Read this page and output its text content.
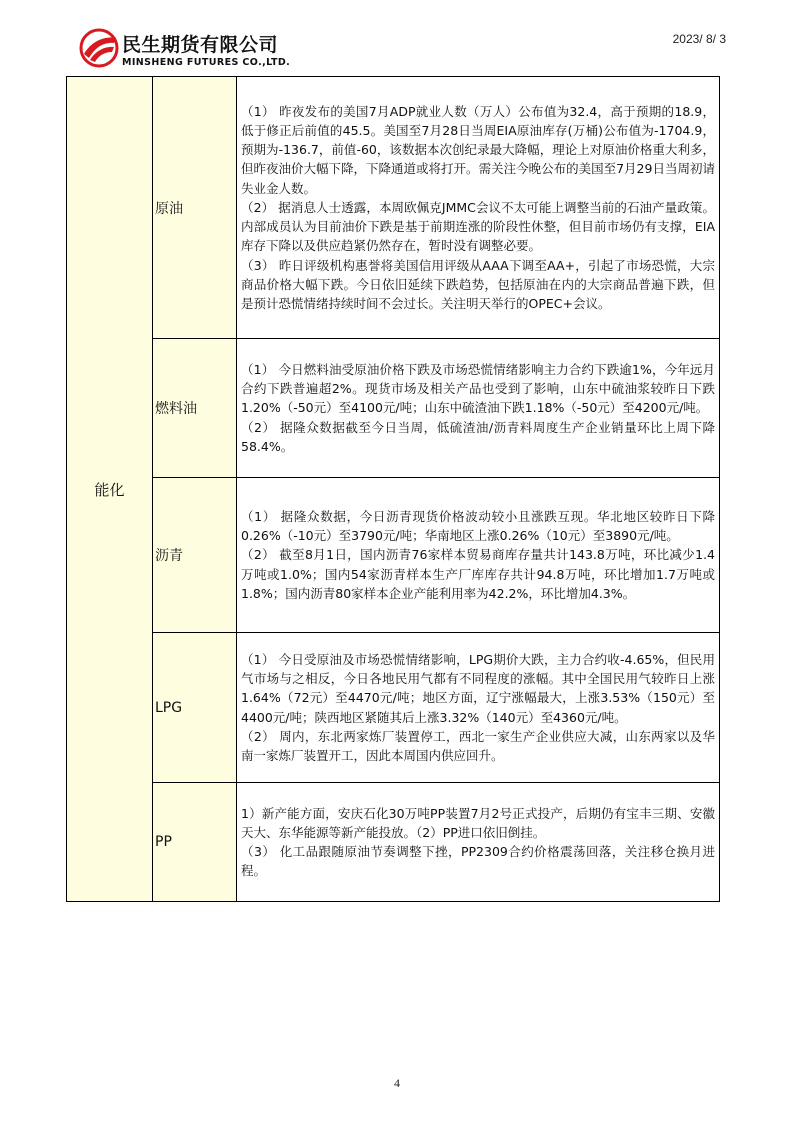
民生期货有限公司
MINSHENG FUTURES CO.,LTD.
2023/ 8/ 3
能化	原油	（1） 昨夜发布的美国7月ADP就业人数（万人）公布值为32.4，高于预期的18.9，低于修正后前值的45.5。美国至7月28日当周EIA原油库存(万桶)公布值为-1704.9，预期为-136.7，前值-60，该数据本次创纪录最大降幅，理论上对原油价格重大利多，但昨夜油价大幅下降，下降通道或将打开。需关注今晚公布的美国至7月29日当周初请失业金人数。

（2） 据消息人士透露，本周欧佩克JMMC会议不太可能上调整当前的石油产量政策。内部成员认为目前油价下跌是基于前期连涨的阶段性休整，但目前市场仍有支撑，EIA库存下降以及供应趋紧仍然存在，暂时没有调整必要。

（3） 昨日评级机构惠誉将美国信用评级从AAA下调至AA+，引起了市场恐慌，大宗商品价格大幅下跌。今日依旧延续下跌趋势，包括原油在内的大宗商品普遍下跌，但是预计恐慌情绪持续时间不会过长。关注明天举行的OPEC+会议。

	燃料油	（1） 今日燃料油受原油价格下跌及市场恐慌情绪影响主力合约下跌逾1%，今年远月合约下跌普遍超2%。现货市场及相关产品也受到了影响，山东中硫油浆较昨日下跌1.20%（-50元）至4100元/吨；山东中硫渣油下跌1.18%（-50元）至4200元/吨。

（2） 据隆众数据截至今日当周，低硫渣油/沥青料周度生产企业销量环比上周下降58.4%。

	沥青	（1） 据隆众数据，今日沥青现货价格波动较小且涨跌互现。华北地区较昨日下降0.26%（-10元）至3790元/吨；华南地区上涨0.26%（10元）至3890元/吨。

（2） 截至8月1日，国内沥青76家样本贸易商库存量共计143.8万吨，环比减少1.4万吨或1.0%；国内54家沥青样本生产厂库库存共计94.8万吨，环比增加1.7万吨或1.8%；国内沥青80家样本企业产能利用率为42.2%，环比增加4.3%。

	LPG	（1） 今日受原油及市场恐慌情绪影响，LPG期价大跌，主力合约收-4.65%，但民用气市场与之相反，今日各地民用气都有不同程度的涨幅。其中全国民用气较昨日上涨1.64%（72元）至4470元/吨；地区方面，辽宁涨幅最大，上涨3.53%（150元）至4400元/吨；陕西地区紧随其后上涨3.32%（140元）至4360元/吨。

（2） 周内，东北两家炼厂装置停工，西北一家生产企业供应大减，山东两家以及华南一家炼厂装置开工，因此本周国内供应回升。

	PP	1）新产能方面，安庆石化30万吨PP装置7月2号正式投产，后期仍有宝丰三期、安徽天大、东华能源等新产能投放。（2）PP进口依旧倒挂。

（3） 化工品跟随原油节奏调整下挫，PP2309合约价格震荡回落，关注移仓换月进程。

4
